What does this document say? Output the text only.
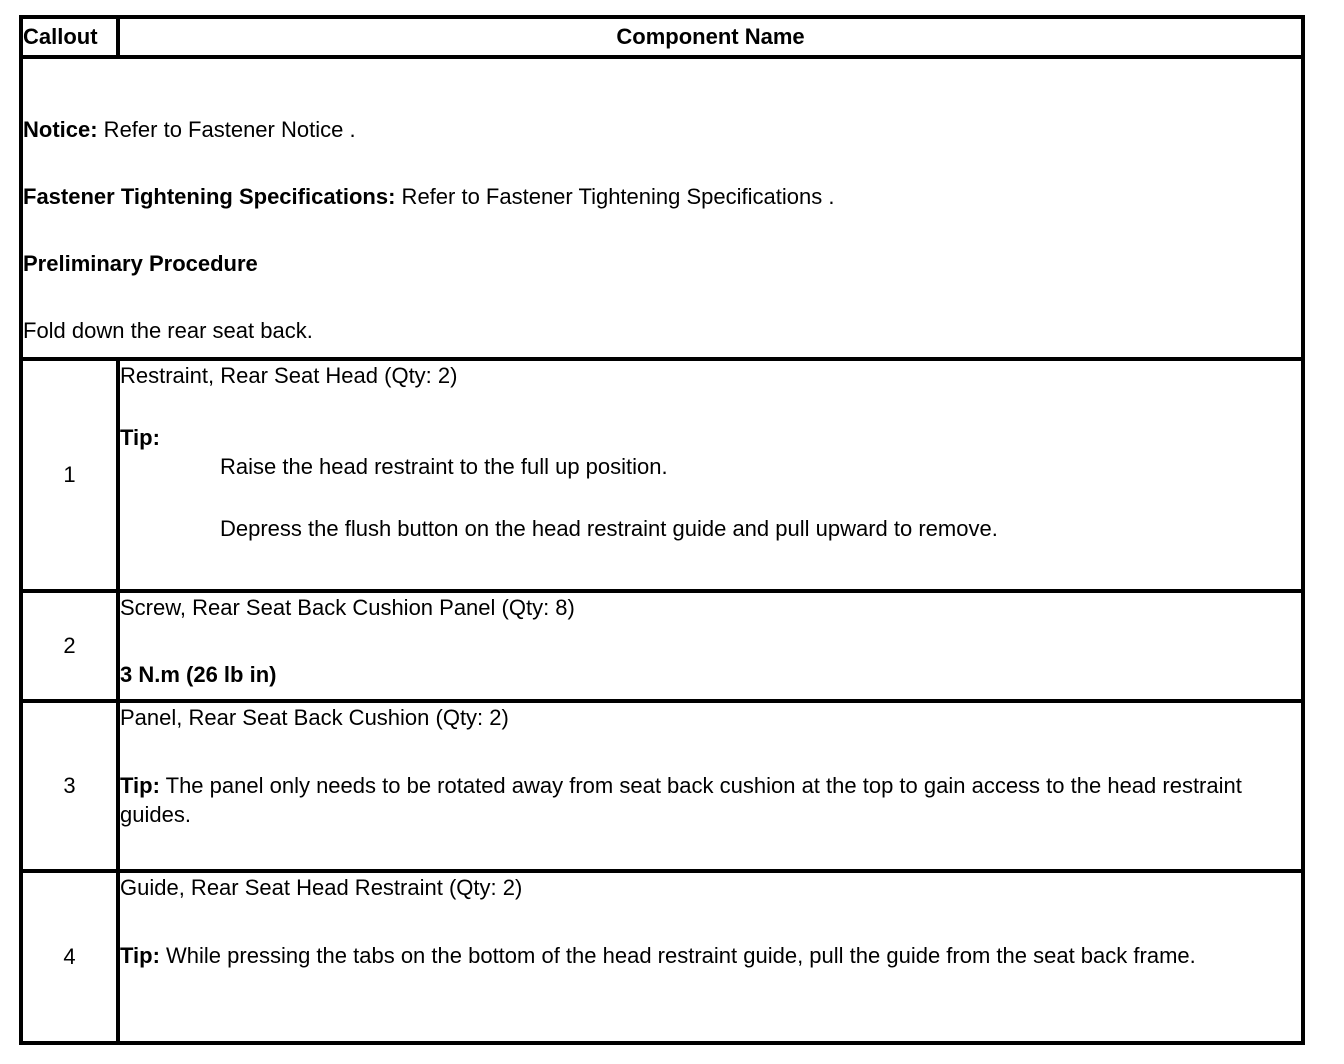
Callout	Component Name

Notice: Refer to Fastener Notice .

Fastener Tightening Specifications: Refer to Fastener Tightening Specifications .

Preliminary Procedure

Fold down the rear seat back.	

1	Restraint, Rear Seat Head (Qty: 2)

Tip:

Raise the head restraint to the full up position.

Depress the flush button on the head restraint guide and pull upward to remove.

2	Screw, Rear Seat Back Cushion Panel (Qty: 8)

3 N.m (26 lb in)

3	Panel, Rear Seat Back Cushion (Qty: 2)

Tip: The panel only needs to be rotated away from seat back cushion at the top to gain access to the head restraint guides.

4	Guide, Rear Seat Head Restraint (Qty: 2)

Tip: While pressing the tabs on the bottom of the head restraint guide, pull the guide from the seat back frame.
